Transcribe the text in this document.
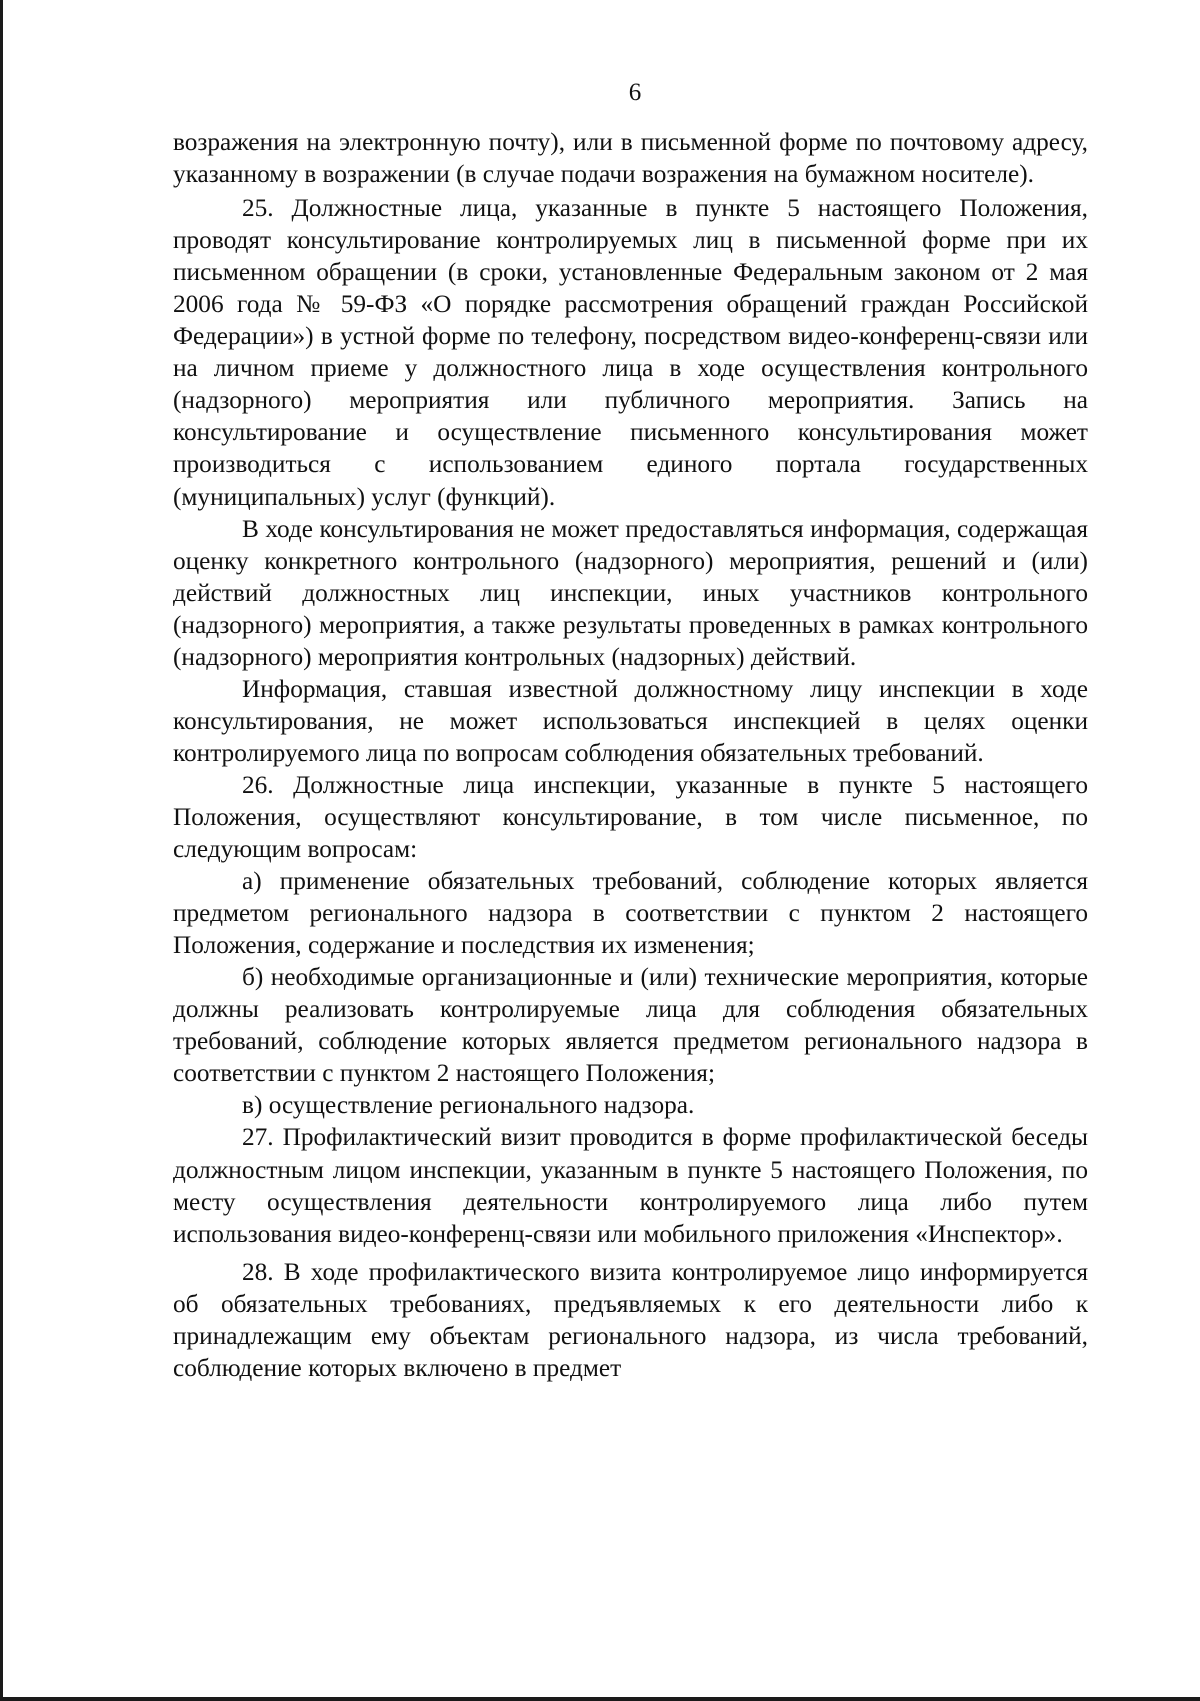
6

возражения на электронную почту), или в письменной форме по почтовому адресу, указанному в возражении (в случае подачи возражения на бумажном носителе).

25. Должностные лица, указанные в пункте 5 настоящего Положения, проводят консультирование контролируемых лиц в письменной форме при их письменном обращении (в сроки, установленные Федеральным законом от 2 мая 2006 года № 59-ФЗ «О порядке рассмотрения обращений граждан Российской Федерации») в устной форме по телефону, посредством видео-конференц-связи или на личном приеме у должностного лица в ходе осуществления контрольного (надзорного) мероприятия или публичного мероприятия. Запись на консультирование и осуществление письменного консультирования может производиться с использованием единого портала государственных (муниципальных) услуг (функций).

В ходе консультирования не может предоставляться информация, содержащая оценку конкретного контрольного (надзорного) мероприятия, решений и (или) действий должностных лиц инспекции, иных участников контрольного (надзорного) мероприятия, а также результаты проведенных в рамках контрольного (надзорного) мероприятия контрольных (надзорных) действий.

Информация, ставшая известной должностному лицу инспекции в ходе консультирования, не может использоваться инспекцией в целях оценки контролируемого лица по вопросам соблюдения обязательных требований.

26. Должностные лица инспекции, указанные в пункте 5 настоящего Положения, осуществляют консультирование, в том числе письменное, по следующим вопросам:

а) применение обязательных требований, соблюдение которых является предметом регионального надзора в соответствии с пунктом 2 настоящего Положения, содержание и последствия их изменения;

б) необходимые организационные и (или) технические мероприятия, которые должны реализовать контролируемые лица для соблюдения обязательных требований, соблюдение которых является предметом регионального надзора в соответствии с пунктом 2 настоящего Положения;

в) осуществление регионального надзора.

27. Профилактический визит проводится в форме профилактической беседы должностным лицом инспекции, указанным в пункте 5 настоящего Положения, по месту осуществления деятельности контролируемого лица либо путем использования видео-конференц-связи или мобильного приложения «Инспектор».

28. В ходе профилактического визита контролируемое лицо информируется об обязательных требованиях, предъявляемых к его деятельности либо к принадлежащим ему объектам регионального надзора, из числа требований, соблюдение которых включено в предмет
